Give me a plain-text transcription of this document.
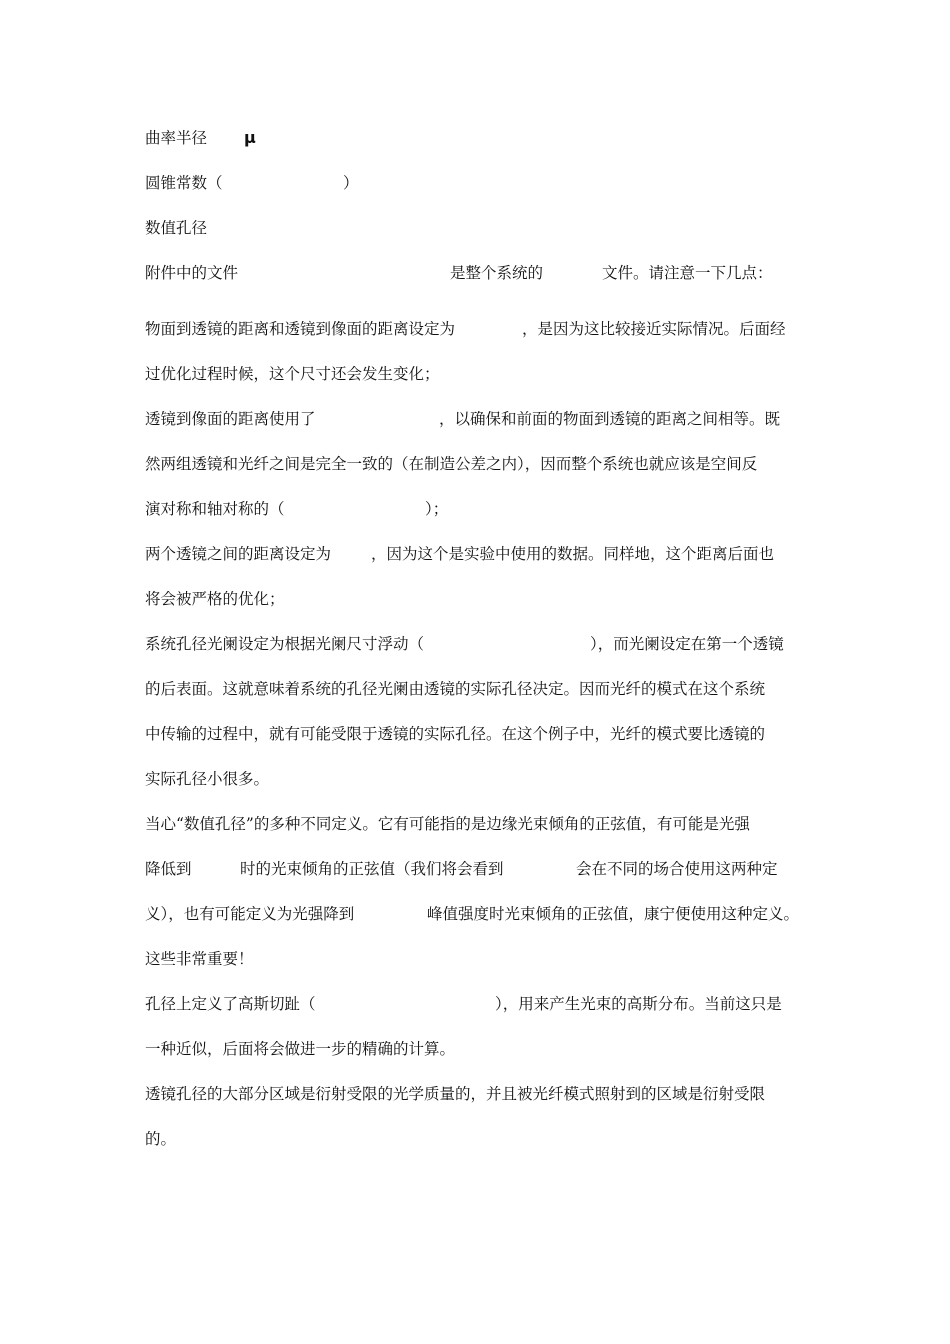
曲率半径 μ
圆锥常数（	）
数值孔径
附件中的文件	是整个系统的	文件。请注意一下几点：
物面到透镜的距离和透镜到像面的距离设定为	，是因为这比较接近实际情况。后面经
过优化过程时候，这个尺寸还会发生变化；
透镜到像面的距离使用了	，以确保和前面的物面到透镜的距离之间相等。既
然两组透镜和光纤之间是完全一致的（在制造公差之内），因而整个系统也就应该是空间反
演对称和轴对称的（	）；
两个透镜之间的距离设定为	，因为这个是实验中使用的数据。同样地，这个距离后面也
将会被严格的优化；
系统孔径光阑设定为根据光阑尺寸浮动（	），而光阑设定在第一个透镜
的后表面。这就意味着系统的孔径光阑由透镜的实际孔径决定。因而光纤的模式在这个系统
中传输的过程中，就有可能受限于透镜的实际孔径。在这个例子中，光纤的模式要比透镜的
实际孔径小很多。
当心“数值孔径”的多种不同定义。它有可能指的是边缘光束倾角的正弦值，有可能是光强
降低到	时的光束倾角的正弦值（我们将会看到	会在不同的场合使用这两种定
义），也有可能定义为光强降到	峰值强度时光束倾角的正弦值，康宁便使用这种定义。
这些非常重要！
孔径上定义了高斯切趾（	），用来产生光束的高斯分布。当前这只是
一种近似，后面将会做进一步的精确的计算。
透镜孔径的大部分区域是衍射受限的光学质量的，并且被光纤模式照射到的区域是衍射受限
的。
